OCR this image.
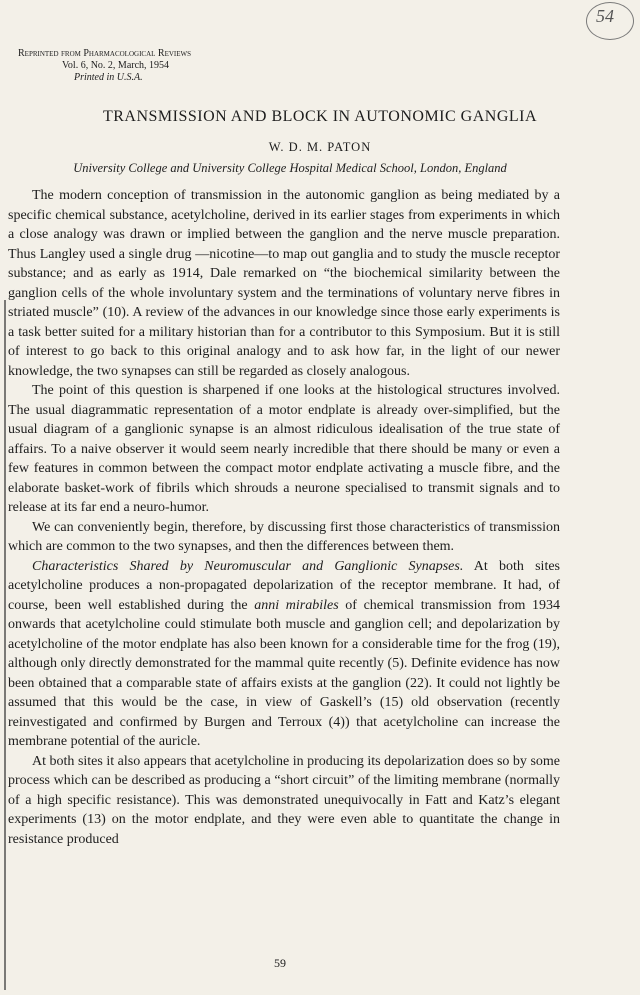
54
Reprinted from Pharmacological Reviews
Vol. 6, No. 2, March, 1954
Printed in U.S.A.
TRANSMISSION AND BLOCK IN AUTONOMIC GANGLIA
W. D. M. PATON
University College and University College Hospital Medical School, London, England

The modern conception of transmission in the autonomic ganglion as being mediated by a specific chemical substance, acetylcholine, derived in its earlier stages from experiments in which a close analogy was drawn or implied between the ganglion and the nerve muscle preparation. Thus Langley used a single drug —nicotine—to map out ganglia and to study the muscle receptor substance; and as early as 1914, Dale remarked on “the biochemical similarity between the ganglion cells of the whole involuntary system and the terminations of voluntary nerve fibres in striated muscle” (10). A review of the advances in our knowledge since those early experiments is a task better suited for a military historian than for a contributor to this Symposium. But it is still of interest to go back to this original analogy and to ask how far, in the light of our newer knowledge, the two synapses can still be regarded as closely analogous.

The point of this question is sharpened if one looks at the histological structures involved. The usual diagrammatic representation of a motor endplate is already over-simplified, but the usual diagram of a ganglionic synapse is an almost ridiculous idealisation of the true state of affairs. To a naive observer it would seem nearly incredible that there should be many or even a few features in common between the compact motor endplate activating a muscle fibre, and the elaborate basket-work of fibrils which shrouds a neurone specialised to transmit signals and to release at its far end a neuro-humor.

We can conveniently begin, therefore, by discussing first those characteristics of transmission which are common to the two synapses, and then the differences between them.

Characteristics Shared by Neuromuscular and Ganglionic Synapses. At both sites acetylcholine produces a non-propagated depolarization of the receptor membrane. It had, of course, been well established during the anni mirabiles of chemical transmission from 1934 onwards that acetylcholine could stimulate both muscle and ganglion cell; and depolarization by acetylcholine of the motor endplate has also been known for a considerable time for the frog (19), although only directly demonstrated for the mammal quite recently (5). Definite evidence has now been obtained that a comparable state of affairs exists at the ganglion (22). It could not lightly be assumed that this would be the case, in view of Gaskell’s (15) old observation (recently reinvestigated and confirmed by Burgen and Terroux (4)) that acetylcholine can increase the membrane potential of the auricle.

At both sites it also appears that acetylcholine in producing its depolarization does so by some process which can be described as producing a “short circuit” of the limiting membrane (normally of a high specific resistance). This was demonstrated unequivocally in Fatt and Katz’s elegant experiments (13) on the motor endplate, and they were even able to quantitate the change in resistance produced

59
